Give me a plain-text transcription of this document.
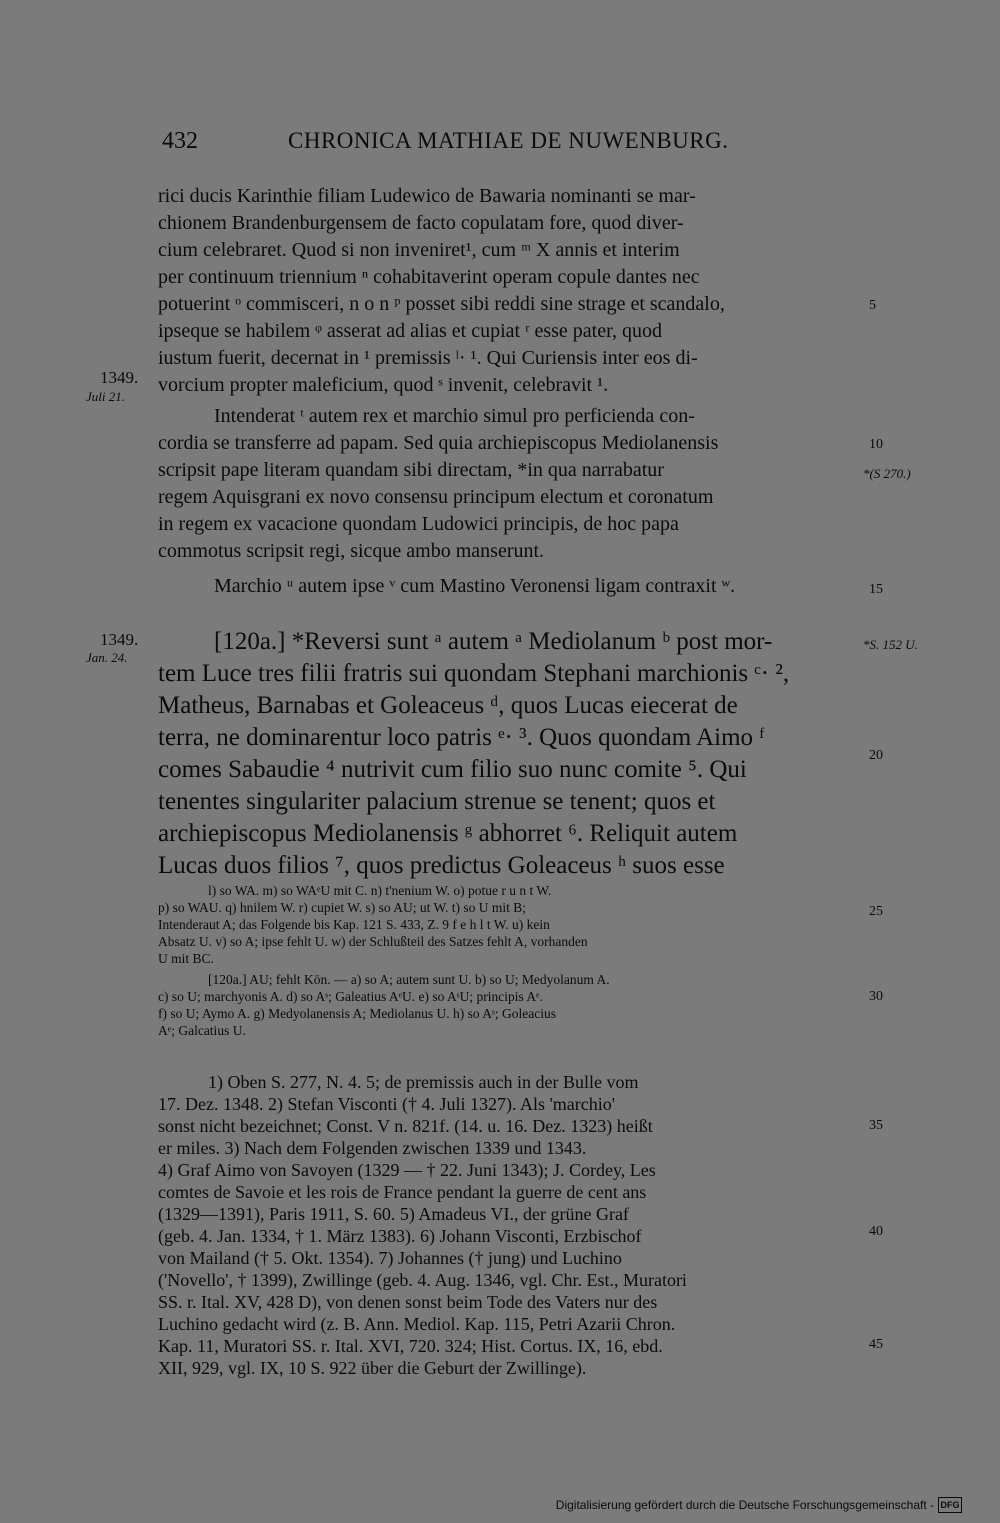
432	CHRONICA MATHIAE DE NUWENBURG.
rici ducis Karinthie filiam Ludewico de Bawaria nominanti se mar-
chionem Brandenburgensem de facto copulatam fore, quod diver-
cium celebraret. Quod si non inveniret¹, cum ᵐ X annis et interim
per continuum triennium ⁿ cohabitaverint operam copule dantes nec
potuerint ᵒ commisceri, n o n ᵖ posset sibi reddi sine strage et scandalo,
ipseque se habilem ᵠ asserat ad alias et cupiat ʳ esse pater, quod
iustum fuerit, decernat in ¹ premissis ˡ· ¹. Qui Curiensis inter eos di-
vorcium propter maleficium, quod ˢ invenit, celebravit ¹.
Intenderat ᵗ autem rex et marchio simul pro perficienda con-
cordia se transferre ad papam. Sed quia archiepiscopus Mediolanensis
scripsit pape literam quandam sibi directam, *in qua narrabatur
regem Aquisgrani ex novo consensu principum electum et coronatum
in regem ex vacacione quondam Ludowici principis, de hoc papa
commotus scripsit regi, sicque ambo manserunt.
Marchio ᵘ autem ipse ᵛ cum Mastino Veronensi ligam contraxit ʷ.
[120a.] *Reversi sunt ᵃ autem ᵃ Mediolanum ᵇ post mor-
tem Luce tres filii fratris sui quondam Stephani marchionis ᶜ· ²,
Matheus, Barnabas et Goleaceus ᵈ, quos Lucas eiecerat de
terra, ne dominarentur loco patris ᵉ· ³. Quos quondam Aimo ᶠ
comes Sabaudie ⁴ nutrivit cum filio suo nunc comite ⁵. Qui
tenentes singulariter palacium strenue se tenent; quos et
archiepiscopus Mediolanensis ᵍ abhorret ⁶. Reliquit autem
Lucas duos filios ⁷, quos predictus Goleaceus ʰ suos esse
1349.
Juli 21.
1349.
Jan. 24.
*(S 270.)
*S. 152 U.
5
10
15
20
25
30
35
40
45
l) so WA. m) so WAᵉU mit C. n) t'nenium W. o) potue r u n t W.
p) so WAU. q) hnilem W. r) cupiet W. s) so AU; ut W. t) so U mit B;
Intenderaut A; das Folgende bis Kap. 121 S. 433, Z. 9 f e h l t W. u) kein
Absatz U. v) so A; ipse fehlt U. w) der Schlußteil des Satzes fehlt A, vorhanden
U mit BC.
[120a.] AU; fehlt Kön. — a) so A; autem sunt U. b) so U; Medyolanum A.
c) so U; marchyonis A. d) so Aˢ; Galeatius AᵉU. e) so AˢU; principis Aᵉ.
f) so U; Aymo A. g) Medyolanensis A; Mediolanus U. h) so Aˢ; Goleacius
Aᵉ; Galcatius U.
1) Oben S. 277, N. 4. 5; de premissis auch in der Bulle vom
17. Dez. 1348. 2) Stefan Visconti († 4. Juli 1327). Als 'marchio'
sonst nicht bezeichnet; Const. V n. 821f. (14. u. 16. Dez. 1323) heißt
er miles. 3) Nach dem Folgenden zwischen 1339 und 1343.
4) Graf Aimo von Savoyen (1329 — † 22. Juni 1343); J. Cordey, Les
comtes de Savoie et les rois de France pendant la guerre de cent ans
(1329—1391), Paris 1911, S. 60. 5) Amadeus VI., der grüne Graf
(geb. 4. Jan. 1334, † 1. März 1383). 6) Johann Visconti, Erzbischof
von Mailand († 5. Okt. 1354). 7) Johannes († jung) und Luchino
('Novello', † 1399), Zwillinge (geb. 4. Aug. 1346, vgl. Chr. Est., Muratori
SS. r. Ital. XV, 428 D), von denen sonst beim Tode des Vaters nur des
Luchino gedacht wird (z. B. Ann. Mediol. Kap. 115, Petri Azarii Chron.
Kap. 11, Muratori SS. r. Ital. XVI, 720. 324; Hist. Cortus. IX, 16, ebd.
XII, 929, vgl. IX, 10 S. 922 über die Geburt der Zwillinge).
Digitalisierung gefördert durch die Deutsche Forschungsgemeinschaft - DFG
